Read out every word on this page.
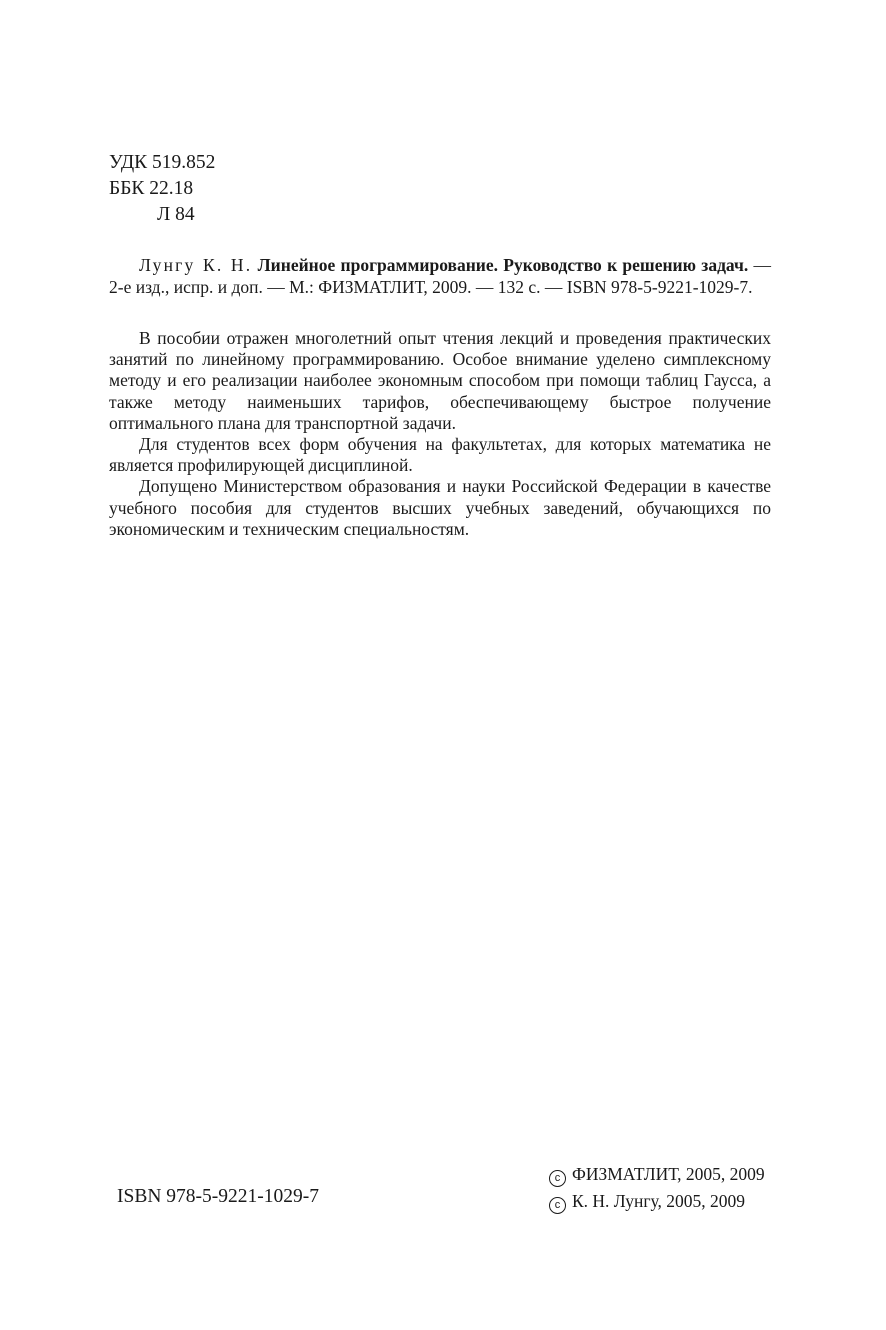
УДК 519.852
ББК 22.18
Л 84

Лунгу К. Н. Линейное программирование. Руководство к решению задач. — 2-е изд., испр. и доп. — М.: ФИЗМАТЛИТ, 2009. — 132 с. — ISBN 978-5-9221-1029-7.

В пособии отражен многолетний опыт чтения лекций и проведения практических занятий по линейному программированию. Особое внимание уделено симплексному методу и его реализации наиболее экономным способом при помощи таблиц Гаусса, а также методу наименьших тарифов, обеспечивающему быстрое получение оптимального плана для транспортной задачи.

Для студентов всех форм обучения на факультетах, для которых математика не является профилирующей дисциплиной.

Допущено Министерством образования и науки Российской Федерации в качестве учебного пособия для студентов высших учебных заведений, обучающихся по экономическим и техническим специальностям.

ISBN 978-5-9221-1029-7
c ФИЗМАТЛИТ, 2005, 2009
c К. Н. Лунгу, 2005, 2009
